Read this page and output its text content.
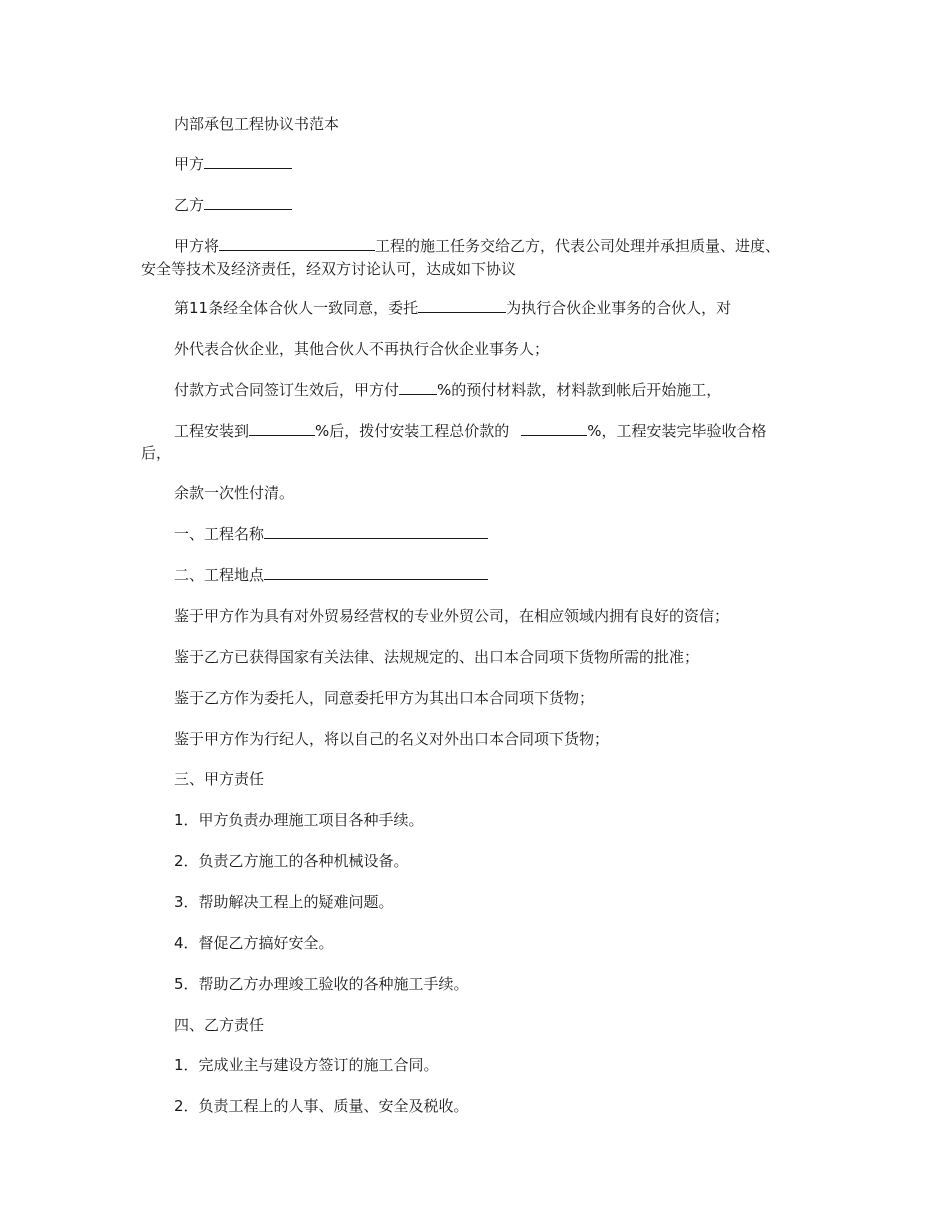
内部承包工程协议书范本
甲方
乙方
甲方将	工程的施工任务交给乙方，代表公司处理并承担质量、进度、
安全等技术及经济责任，经双方讨论认可，达成如下协议
第11条经全体合伙人一致同意，委托	为执行合伙企业事务的合伙人，对
外代表合伙企业，其他合伙人不再执行合伙企业事务人；
付款方式合同签订生效后，甲方付	%的预付材料款，材料款到帐后开始施工，
工程安装到	%后，拨付安装工程总价款的	%，工程安装完毕验收合格
后，
余款一次性付清。
一、工程名称
二、工程地点
鉴于甲方作为具有对外贸易经营权的专业外贸公司，在相应领域内拥有良好的资信；
鉴于乙方已获得国家有关法律、法规规定的、出口本合同项下货物所需的批准；
鉴于乙方作为委托人，同意委托甲方为其出口本合同项下货物；
鉴于甲方作为行纪人，将以自己的名义对外出口本合同项下货物；
三、甲方责任
1．甲方负责办理施工项目各种手续。
2．负责乙方施工的各种机械设备。
3．帮助解决工程上的疑难问题。
4．督促乙方搞好安全。
5．帮助乙方办理竣工验收的各种施工手续。
四、乙方责任
1．完成业主与建设方签订的施工合同。
2．负责工程上的人事、质量、安全及税收。
